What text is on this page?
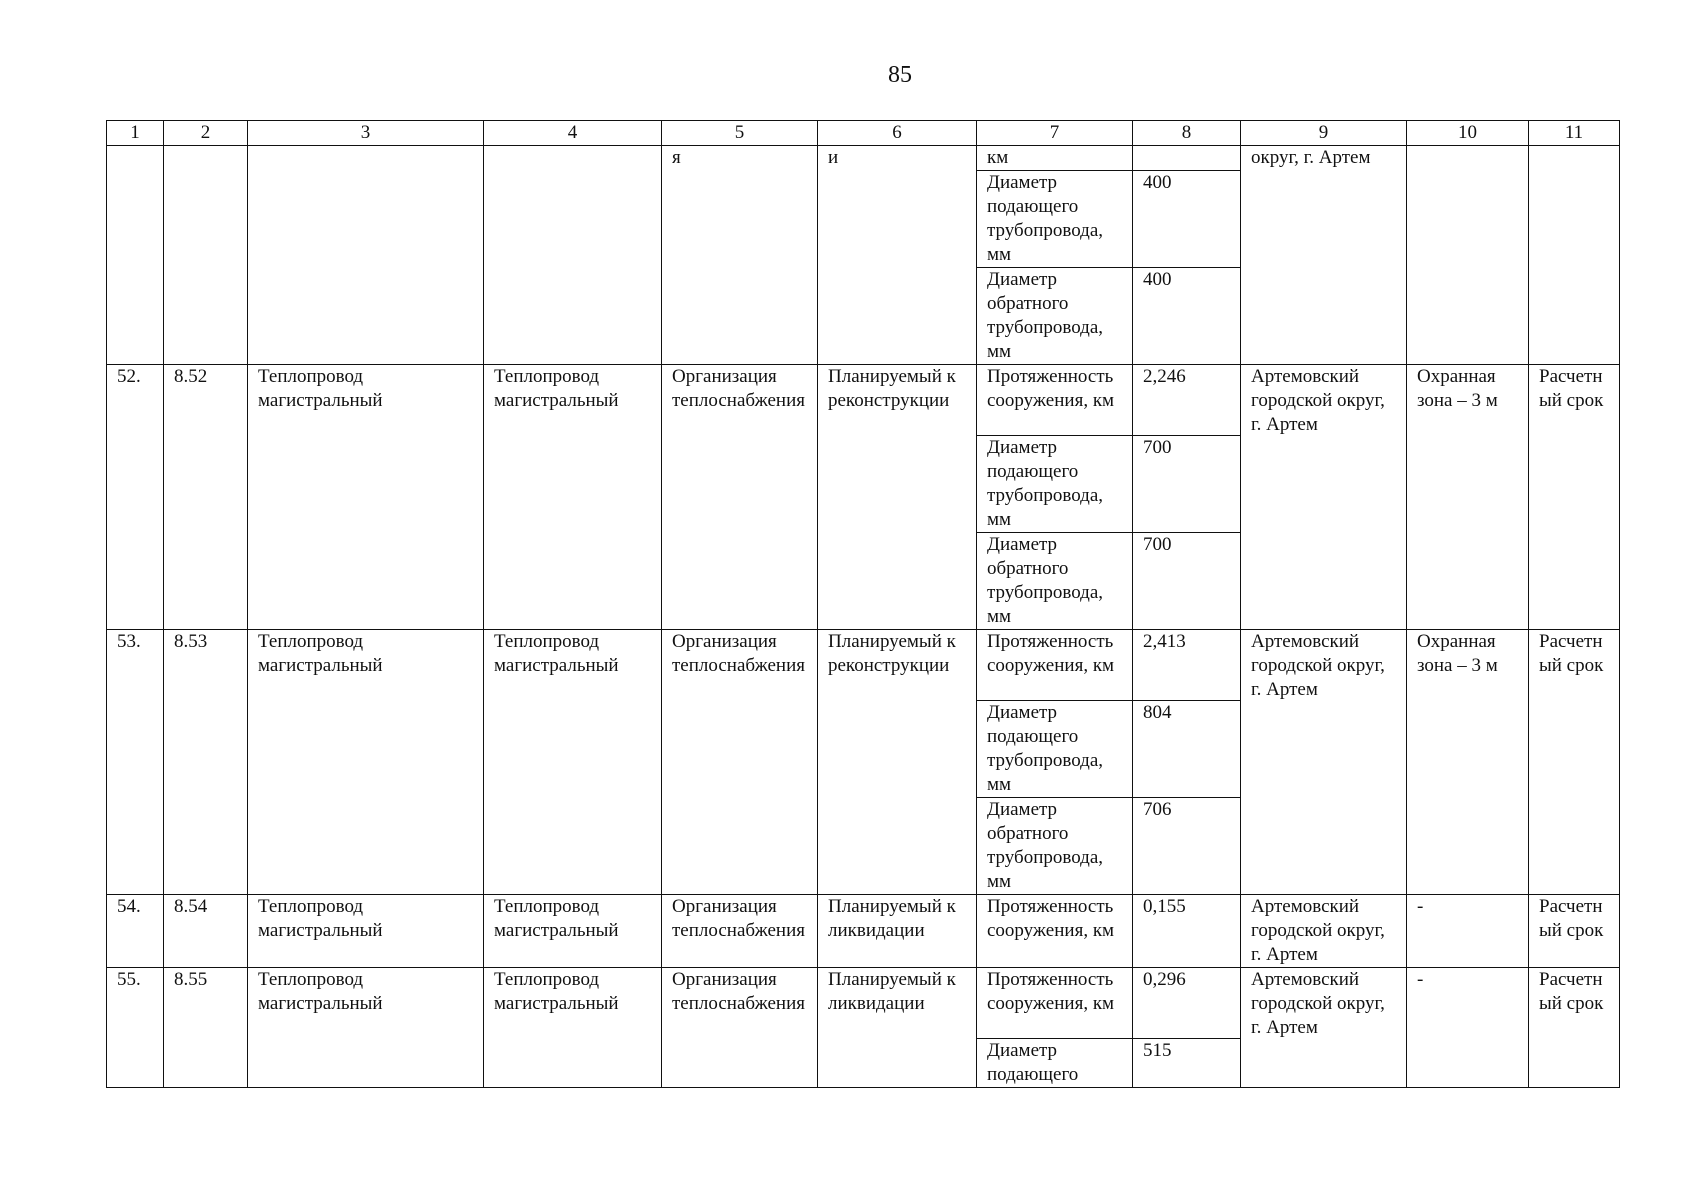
85
1	2	3	4	5	6	7	8	9	10	11
				я	и	км		округ, г. Артем		
						Диаметр подающего трубопровода, мм	400			
						Диаметр обратного трубопровода, мм	400			
52.	8.52	Теплопровод магистральный	Теплопровод магистральный	Организация теплоснабжения	Планируемый к реконструкции	Протяженность сооружения, км	2,246	Артемовский городской округ, г. Артем	Охранная зона – 3 м	Расчетный срок
						Диаметр подающего трубопровода, мм	700			
						Диаметр обратного трубопровода, мм	700			
53.	8.53	Теплопровод магистральный	Теплопровод магистральный	Организация теплоснабжения	Планируемый к реконструкции	Протяженность сооружения, км	2,413	Артемовский городской округ, г. Артем	Охранная зона – 3 м	Расчетный срок
						Диаметр подающего трубопровода, мм	804			
						Диаметр обратного трубопровода, мм	706			
54.	8.54	Теплопровод магистральный	Теплопровод магистральный	Организация теплоснабжения	Планируемый к ликвидации	Протяженность сооружения, км	0,155	Артемовский городской округ, г. Артем	-	Расчетный срок
55.	8.55	Теплопровод магистральный	Теплопровод магистральный	Организация теплоснабжения	Планируемый к ликвидации	Протяженность сооружения, км	0,296	Артемовский городской округ, г. Артем	-	Расчетный срок
						Диаметр подающего	515			
